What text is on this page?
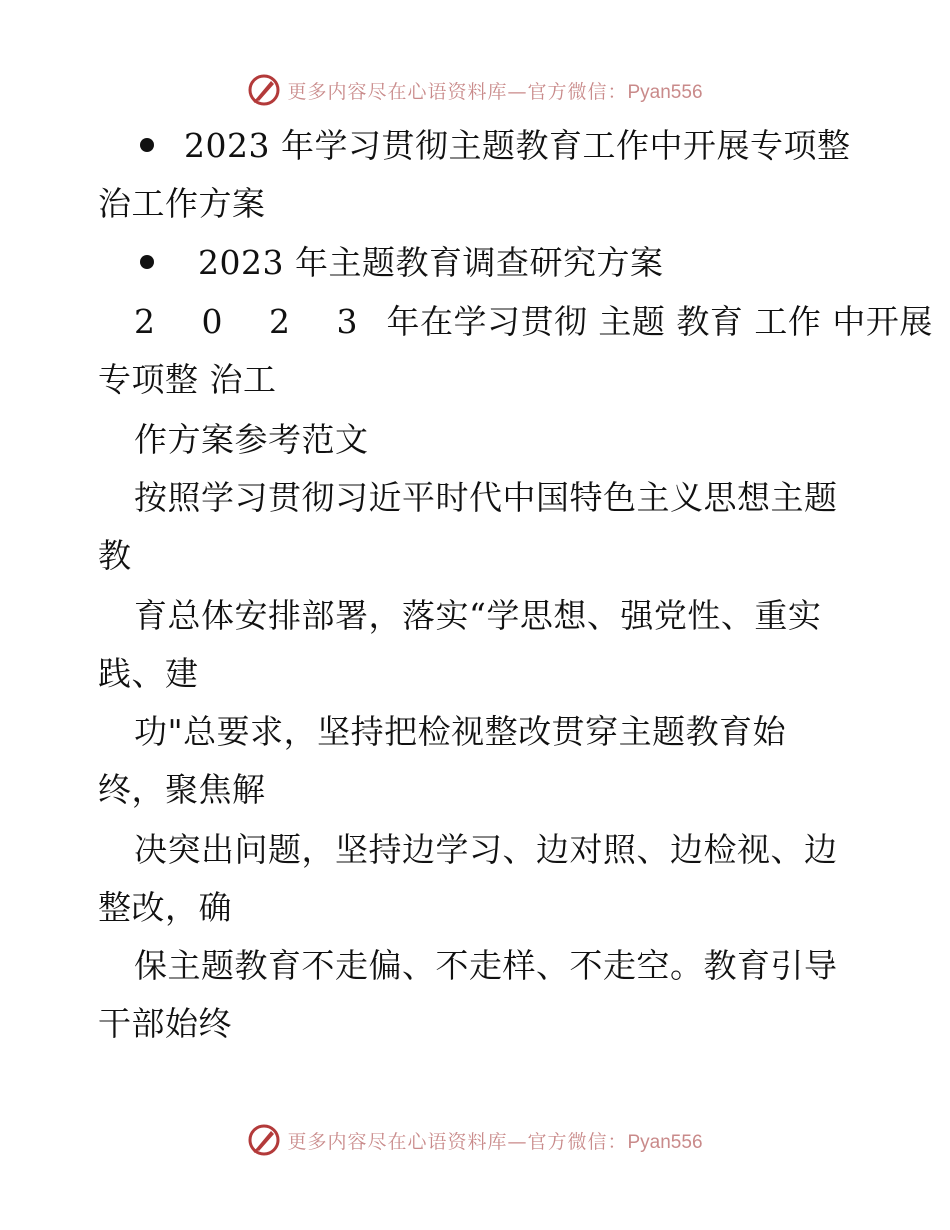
更多内容尽在心语资料库—官方微信：Pyan556
2023 年学习贯彻主题教育工作中开展专项整
治工作方案
2023 年主题教育调查研究方案
2 0 2 3 年在学习贯彻 主题 教育 工作 中开展
专项整 治工
作方案参考范文
按照学习贯彻习近平时代中国特色主义思想主题
教
育总体安排部署，落实“学思想、强党性、重实
践、建
功"总要求，坚持把检视整改贯穿主题教育始
终，聚焦解
决突出问题，坚持边学习、边对照、边检视、边
整改，确
保主题教育不走偏、不走样、不走空。教育引导
干部始终
更多内容尽在心语资料库—官方微信：Pyan556
